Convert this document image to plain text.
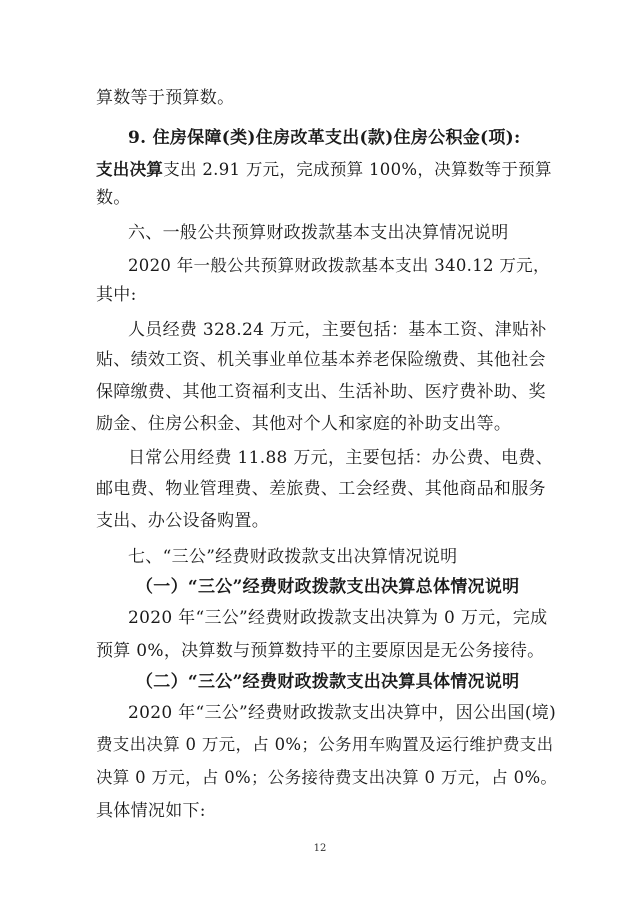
算数等于预算数。
9. 住房保障(类)住房改革支出(款)住房公积金(项):
支出决算支出 2.91 万元，完成预算 100%，决算数等于预算
数。
六、一般公共预算财政拨款基本支出决算情况说明
2020 年一般公共预算财政拨款基本支出 340.12 万元，
其中:
人员经费 328.24 万元，主要包括：基本工资、津贴补
贴、绩效工资、机关事业单位基本养老保险缴费、其他社会
保障缴费、其他工资福利支出、生活补助、医疗费补助、奖
励金、住房公积金、其他对个人和家庭的补助支出等。
日常公用经费 11.88 万元，主要包括：办公费、电费、
邮电费、物业管理费、差旅费、工会经费、其他商品和服务
支出、办公设备购置。
七、“三公”经费财政拨款支出决算情况说明
（一）“三公”经费财政拨款支出决算总体情况说明
2020 年“三公”经费财政拨款支出决算为 0 万元，完成
预算 0%，决算数与预算数持平的主要原因是无公务接待。
（二）“三公”经费财政拨款支出决算具体情况说明
2020 年“三公”经费财政拨款支出决算中，因公出国(境)
费支出决算 0 万元，占 0%；公务用车购置及运行维护费支出
决算 0 万元，占 0%；公务接待费支出决算 0 万元，占 0%。
具体情况如下:
12
